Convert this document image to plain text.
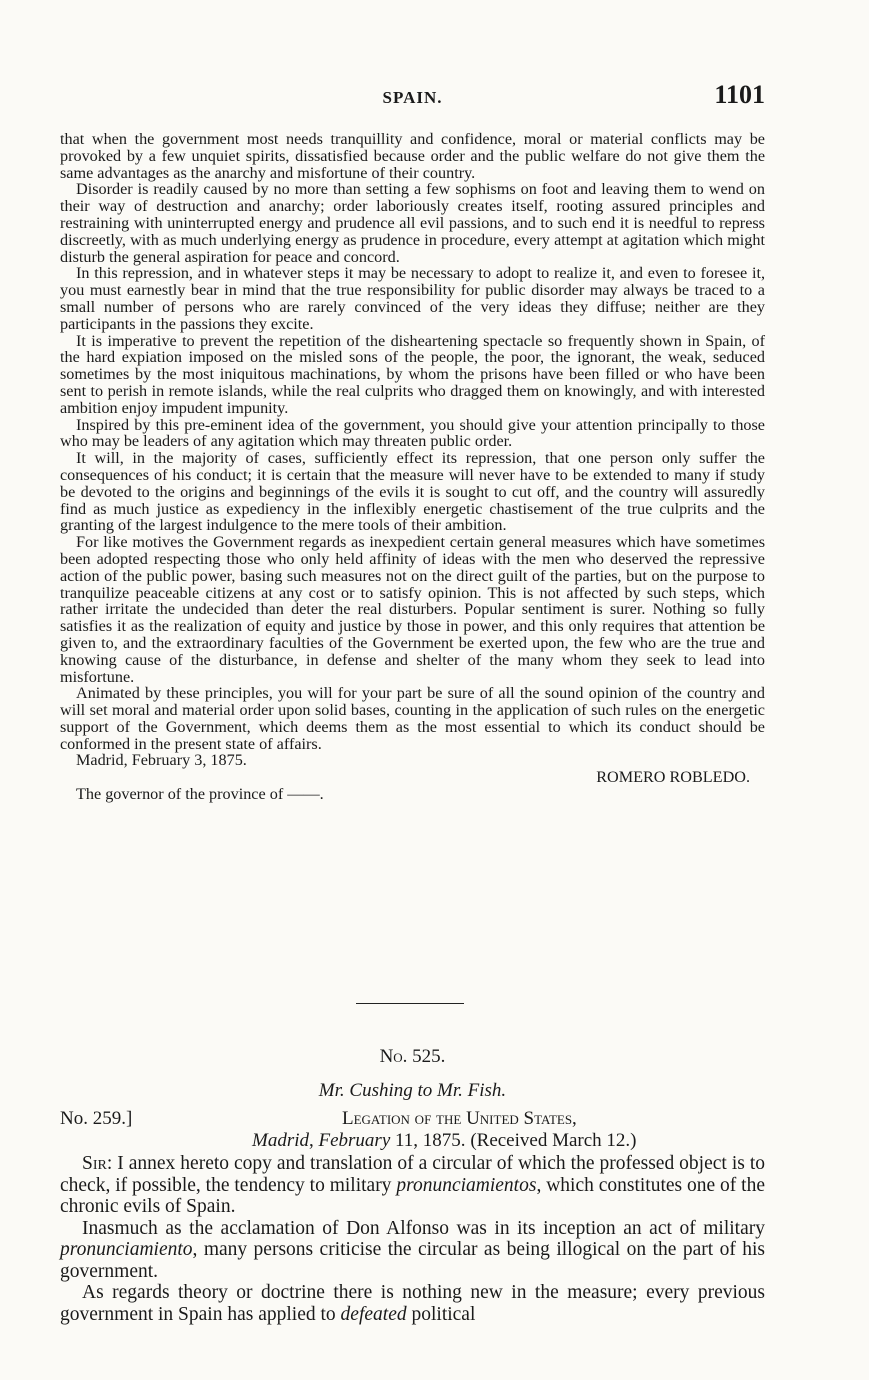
SPAIN.	1101

that when the government most needs tranquillity and confidence, moral or material conflicts may be provoked by a few unquiet spirits, dissatisfied because order and the public welfare do not give them the same advantages as the anarchy and misfortune of their country.

Disorder is readily caused by no more than setting a few sophisms on foot and leaving them to wend on their way of destruction and anarchy; order laboriously creates itself, rooting assured principles and restraining with uninterrupted energy and prudence all evil passions, and to such end it is needful to repress discreetly, with as much underlying energy as prudence in procedure, every attempt at agitation which might disturb the general aspiration for peace and concord.

In this repression, and in whatever steps it may be necessary to adopt to realize it, and even to foresee it, you must earnestly bear in mind that the true responsibility for public disorder may always be traced to a small number of persons who are rarely convinced of the very ideas they diffuse; neither are they participants in the passions they excite.

It is imperative to prevent the repetition of the disheartening spectacle so frequently shown in Spain, of the hard expiation imposed on the misled sons of the people, the poor, the ignorant, the weak, seduced sometimes by the most iniquitous machinations, by whom the prisons have been filled or who have been sent to perish in remote islands, while the real culprits who dragged them on knowingly, and with interested ambition enjoy impudent impunity.

Inspired by this pre-eminent idea of the government, you should give your attention principally to those who may be leaders of any agitation which may threaten public order.

It will, in the majority of cases, sufficiently effect its repression, that one person only suffer the consequences of his conduct; it is certain that the measure will never have to be extended to many if study be devoted to the origins and beginnings of the evils it is sought to cut off, and the country will assuredly find as much justice as expediency in the inflexibly energetic chastisement of the true culprits and the granting of the largest indulgence to the mere tools of their ambition.

For like motives the Government regards as inexpedient certain general measures which have sometimes been adopted respecting those who only held affinity of ideas with the men who deserved the repressive action of the public power, basing such measures not on the direct guilt of the parties, but on the purpose to tranquilize peaceable citizens at any cost or to satisfy opinion. This is not affected by such steps, which rather irritate the undecided than deter the real disturbers. Popular sentiment is surer. Nothing so fully satisfies it as the realization of equity and justice by those in power, and this only requires that attention be given to, and the extraordinary faculties of the Government be exerted upon, the few who are the true and knowing cause of the disturbance, in defense and shelter of the many whom they seek to lead into misfortune.

Animated by these principles, you will for your part be sure of all the sound opinion of the country and will set moral and material order upon solid bases, counting in the application of such rules on the energetic support of the Government, which deems them as the most essential to which its conduct should be conformed in the present state of affairs.

Madrid, February 3, 1875.

ROMERO ROBLEDO.

The governor of the province of ——.

No. 525.
Mr. Cushing to Mr. Fish.
No. 259.]	Legation of the United States,
Madrid, February 11, 1875. (Received March 12.)

Sir: I annex hereto copy and translation of a circular of which the professed object is to check, if possible, the tendency to military pronunciamientos, which constitutes one of the chronic evils of Spain.

Inasmuch as the acclamation of Don Alfonso was in its inception an act of military pronunciamiento, many persons criticise the circular as being illogical on the part of his government.

As regards theory or doctrine there is nothing new in the measure; every previous government in Spain has applied to defeated political
